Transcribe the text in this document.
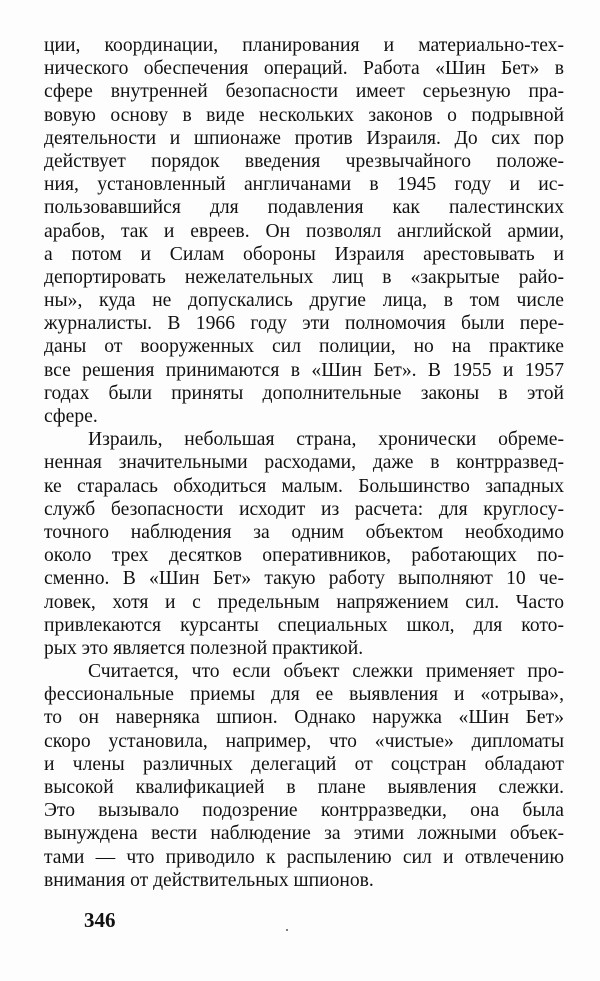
ции, координации, планирования и материально-тех-
нического обеспечения операций. Работа «Шин Бет» в
сфере внутренней безопасности имеет серьезную пра-
вовую основу в виде нескольких законов о подрывной
деятельности и шпионаже против Израиля. До сих пор
действует порядок введения чрезвычайного положе-
ния, установленный англичанами в 1945 году и ис-
пользовавшийся для подавления как палестинских
арабов, так и евреев. Он позволял английской армии,
а потом и Силам обороны Израиля арестовывать и
депортировать нежелательных лиц в «закрытые райо-
ны», куда не допускались другие лица, в том числе
журналисты. В 1966 году эти полномочия были пере-
даны от вооруженных сил полиции, но на практике
все решения принимаются в «Шин Бет». В 1955 и 1957
годах были приняты дополнительные законы в этой
сфере.
Израиль, небольшая страна, хронически обреме-
ненная значительными расходами, даже в контрразвед-
ке старалась обходиться малым. Большинство западных
служб безопасности исходит из расчета: для круглосу-
точного наблюдения за одним объектом необходимо
около трех десятков оперативников, работающих по-
сменно. В «Шин Бет» такую работу выполняют 10 че-
ловек, хотя и с предельным напряжением сил. Часто
привлекаются курсанты специальных школ, для кото-
рых это является полезной практикой.
Считается, что если объект слежки применяет про-
фессиональные приемы для ее выявления и «отрыва»,
то он наверняка шпион. Однако наружка «Шин Бет»
скоро установила, например, что «чистые» дипломаты
и члены различных делегаций от соцстран обладают
высокой квалификацией в плане выявления слежки.
Это вызывало подозрение контрразведки, она была
вынуждена вести наблюдение за этими ложными объек-
тами — что приводило к распылению сил и отвлечению
внимания от действительных шпионов.
346
